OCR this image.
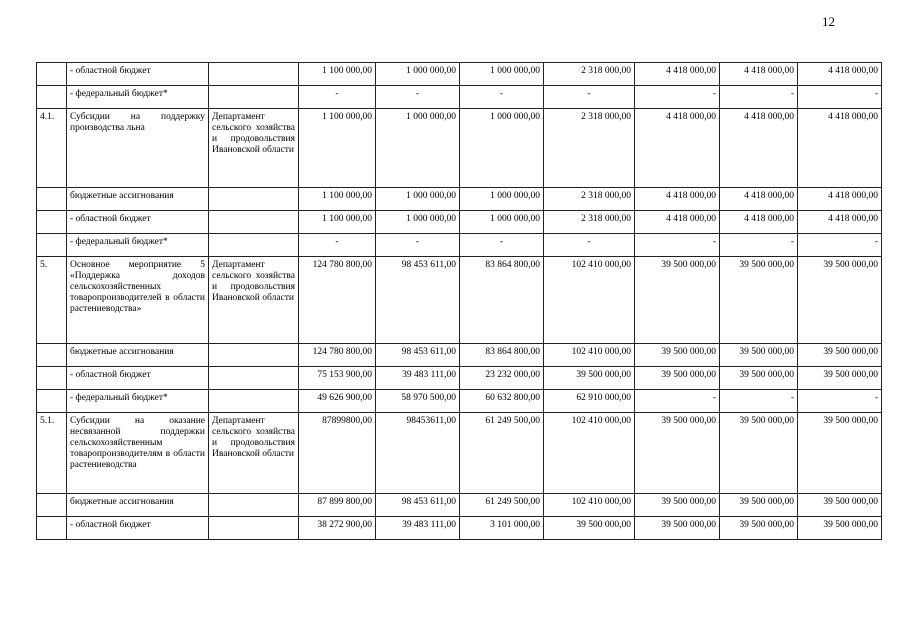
12
	- областной бюджет		1 100 000,00	1 000 000,00	1 000 000,00	2 318 000,00	4 418 000,00	4 418 000,00	4 418 000,00
	- федеральный бюджет*		-	-	-	-	-	-	-
4.1.	Субсидии на поддержку производства льна	Департамент сельского хозяйства и продовольствия Ивановской области	1 100 000,00	1 000 000,00	1 000 000,00	2 318 000,00	4 418 000,00	4 418 000,00	4 418 000,00
	бюджетные ассигнования		1 100 000,00	1 000 000,00	1 000 000,00	2 318 000,00	4 418 000,00	4 418 000,00	4 418 000,00
	- областной бюджет		1 100 000,00	1 000 000,00	1 000 000,00	2 318 000,00	4 418 000,00	4 418 000,00	4 418 000,00
	- федеральный бюджет*		-	-	-	-	-	-	-
5.	Основное мероприятие 5 «Поддержка доходов сельскохозяйственных товаропроизводителей в области растениеводства»	Департамент сельского хозяйства и продовольствия Ивановской области	124 780 800,00	98 453 611,00	83 864 800,00	102 410 000,00	39 500 000,00	39 500 000,00	39 500 000,00
	бюджетные ассигнования		124 780 800,00	98 453 611,00	83 864 800,00	102 410 000,00	39 500 000,00	39 500 000,00	39 500 000,00
	- областной бюджет		75 153 900,00	39 483 111,00	23 232 000,00	39 500 000,00	39 500 000,00	39 500 000,00	39 500 000,00
	- федеральный бюджет*		49 626 900,00	58 970 500,00	60 632 800,00	62 910 000,00	-	-	-
5.1.	Субсидии на оказание несвязанной поддержки сельскохозяйственным товаропроизводителям в области растениеводства	Департамент сельского хозяйства и продовольствия Ивановской области	87899800,00	98453611,00	61 249 500,00	102 410 000,00	39 500 000,00	39 500 000,00	39 500 000,00
	бюджетные ассигнования		87 899 800,00	98 453 611,00	61 249 500,00	102 410 000,00	39 500 000,00	39 500 000,00	39 500 000,00
	- областной бюджет		38 272 900,00	39 483 111,00	3 101 000,00	39 500 000,00	39 500 000,00	39 500 000,00	39 500 000,00
